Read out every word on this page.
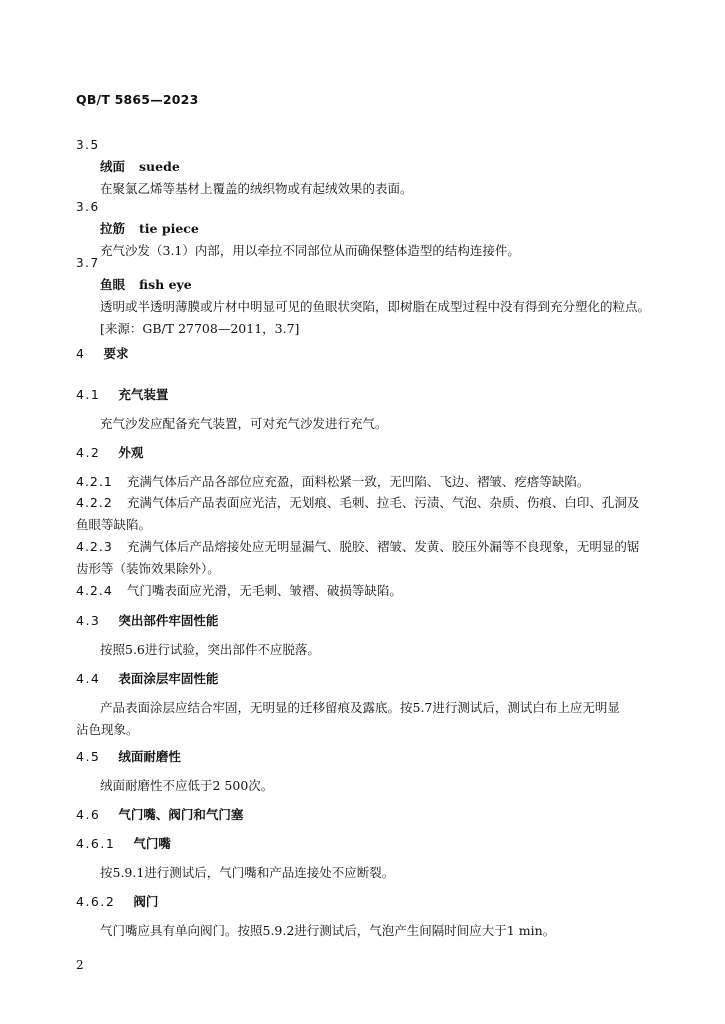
QB/T 5865—2023
3.5
绒面 suede
在聚氯乙烯等基材上覆盖的绒织物或有起绒效果的表面。
3.6
拉筋 tie piece
充气沙发（3.1）内部，用以牵拉不同部位从而确保整体造型的结构连接件。
3.7
鱼眼 fish eye
透明或半透明薄膜或片材中明显可见的鱼眼状突陷，即树脂在成型过程中没有得到充分塑化的粒点。
[来源：GB/T 27708—2011，3.7]
4 要求
4.1 充气装置
充气沙发应配备充气装置，可对充气沙发进行充气。
4.2 外观
4.2.1 充满气体后产品各部位应充盈，面料松紧一致，无凹陷、飞边、褶皱、疙瘩等缺陷。
4.2.2 充满气体后产品表面应光洁，无划痕、毛刺、拉毛、污渍、气泡、杂质、伤痕、白印、孔洞及
鱼眼等缺陷。
4.2.3 充满气体后产品熔接处应无明显漏气、脱胶、褶皱、发黄、胶压外漏等不良现象，无明显的锯
齿形等（装饰效果除外）。
4.2.4 气门嘴表面应光滑，无毛刺、皱褶、破损等缺陷。
4.3 突出部件牢固性能
按照5.6进行试验，突出部件不应脱落。
4.4 表面涂层牢固性能
产品表面涂层应结合牢固，无明显的迁移留痕及露底。按5.7进行测试后，测试白布上应无明显
沾色现象。
4.5 绒面耐磨性
绒面耐磨性不应低于2 500次。
4.6 气门嘴、阀门和气门塞
4.6.1 气门嘴
按5.9.1进行测试后，气门嘴和产品连接处不应断裂。
4.6.2 阀门
气门嘴应具有单向阀门。按照5.9.2进行测试后，气泡产生间隔时间应大于1 min。
2
